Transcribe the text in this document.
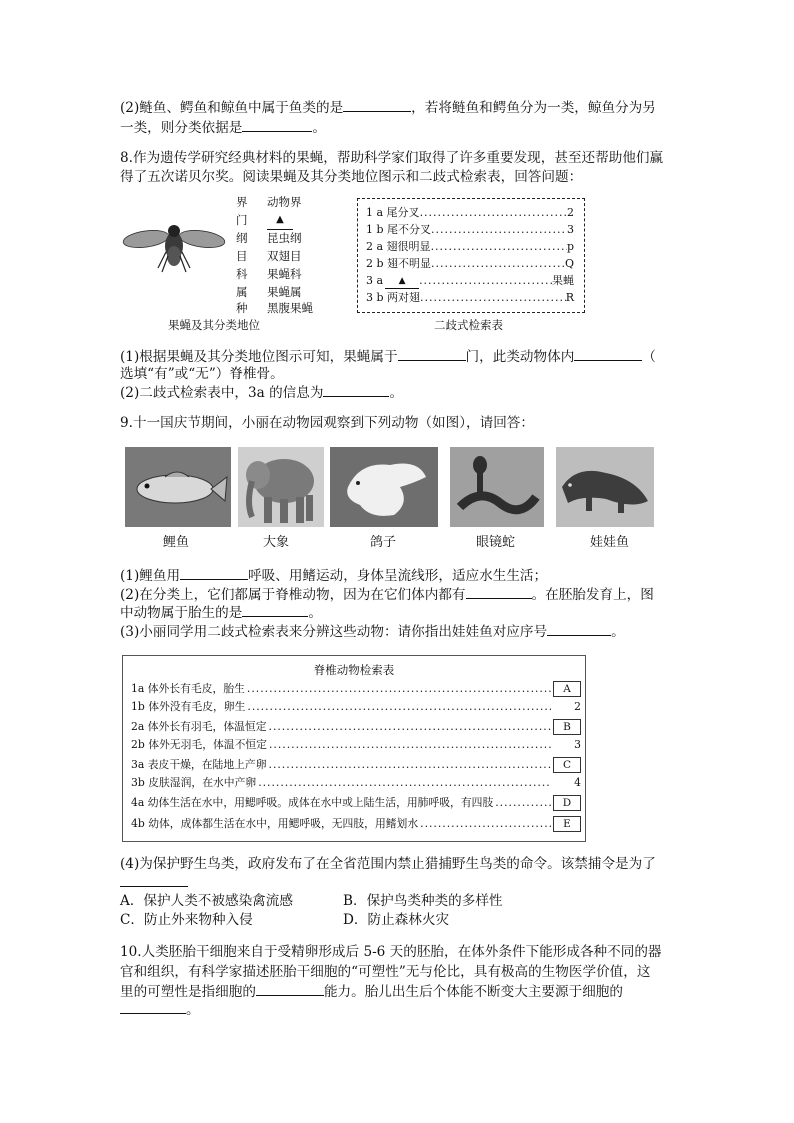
(2)鲢鱼、鳄鱼和鲸鱼中属于鱼类的是	，若将鲢鱼和鳄鱼分为一类，鲸鱼分为另
一类，则分类依据是	。
8.作为遗传学研究经典材料的果蝇，帮助科学家们取得了许多重要发现，甚至还帮助他们赢
得了五次诺贝尔奖。阅读果蝇及其分类地位图示和二歧式检索表，回答问题：
界 动物界
门	▲
纲 昆虫纲
目 双翅目
科 果蝇科
属 果蝇属
种 黑腹果蝇
果蝇及其分类地位
1 a 尾分叉 .....	2
1 b 尾不分叉 .....	3
2 a 翅很明显 .....	p
2 b 翅不明显 .....	Q
3 a	▲ .....	果蝇
3 b 两对翅 .....	R
二歧式检索表
(1)根据果蝇及其分类地位图示可知，果蝇属于	门，此类动物体内	（
选填“有”或“无”）脊椎骨。
(2)二歧式检索表中，3a 的信息为	。
9.十一国庆节期间，小丽在动物园观察到下列动物（如图），请回答：
鲤鱼	大象	鸽子	眼镜蛇	娃娃鱼
(1)鲤鱼用	呼吸、用鳍运动，身体呈流线形，适应水生生活；
(2)在分类上，它们都属于脊椎动物，因为在它们体内都有	。在胚胎发育上，图
中动物属于胎生的是	。
(3)小丽同学用二歧式检索表来分辨这些动物：请你指出娃娃鱼对应序号	。
脊椎动物检索表
1a 体外长有毛皮，胎生 .....	A
1b 体外没有毛皮，卵生 .....	2
2a 体外长有羽毛，体温恒定 .....	B
2b 体外无羽毛，体温不恒定 .....	3
3a 表皮干燥，在陆地上产卵 .....	C
3b 皮肤湿润，在水中产卵 .....	4
4a 幼体生活在水中，用鳃呼吸。成体在水中或上陆生活，用肺呼吸，有四肢 .....	D
4b 幼体，成体都生活在水中，用鳃呼吸，无四肢，用鳍划水 .....	E
(4)为保护野生鸟类，政府发布了在全省范围内禁止猎捕野生鸟类的命令。该禁捕令是为了
A．保护人类不被感染禽流感	B．保护鸟类种类的多样性
C．防止外来物种入侵	D．防止森林火灾
10.人类胚胎干细胞来自于受精卵形成后 5-6 天的胚胎，在体外条件下能形成各种不同的器
官和组织，有科学家描述胚胎干细胞的“可塑性”无与伦比，具有极高的生物医学价值，这
里的可塑性是指细胞的	能力。胎儿出生后个体能不断变大主要源于细胞的
。
